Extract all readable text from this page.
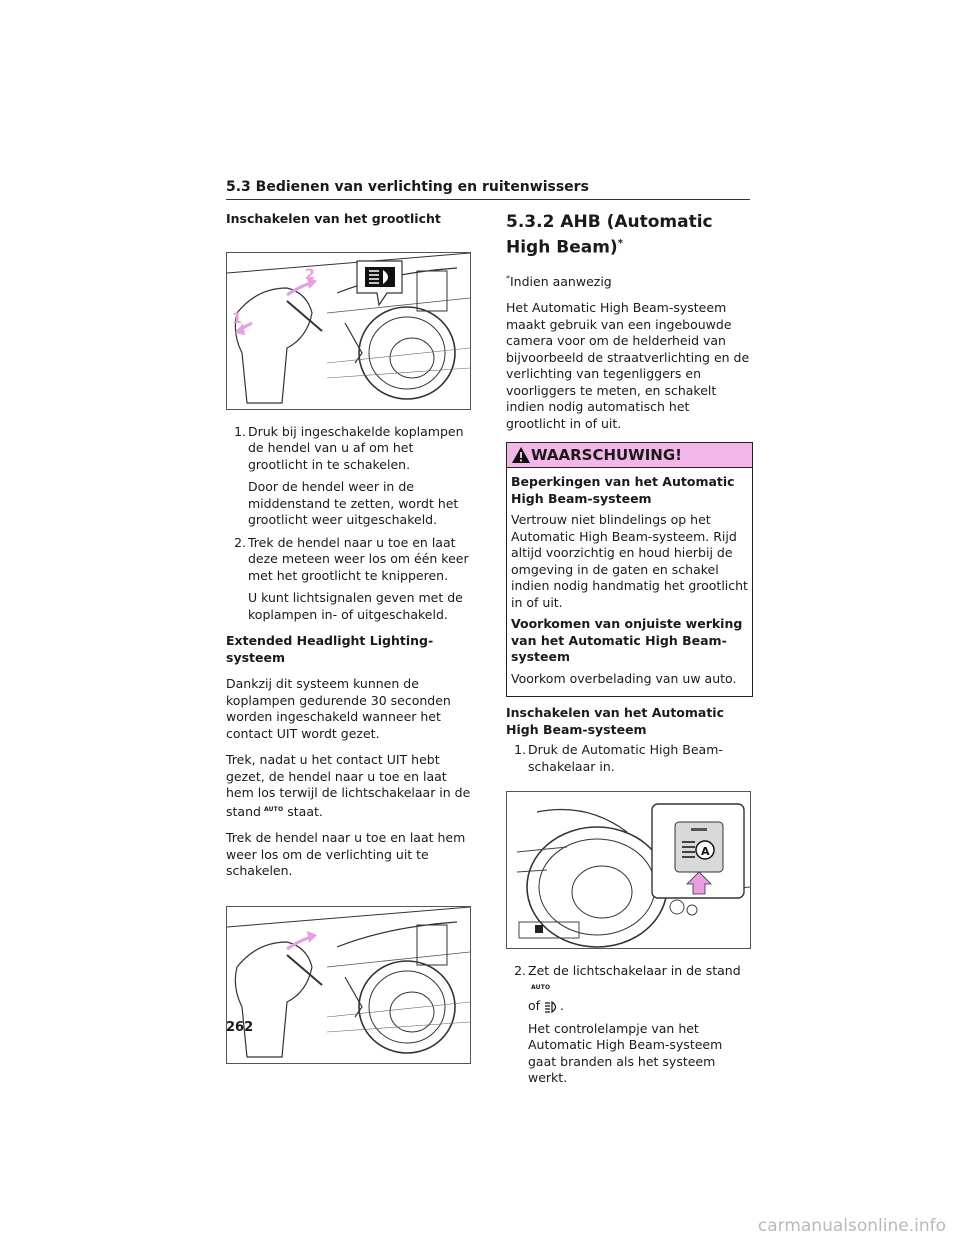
5.3 Bedienen van verlichting en ruitenwissers
Inschakelen van het grootlicht
1
2
1. Druk bij ingeschakelde koplampen de hendel van u af om het grootlicht in te schakelen.
Door de hendel weer in de middenstand te zetten, wordt het grootlicht weer uitgeschakeld.
2. Trek de hendel naar u toe en laat deze meteen weer los om één keer met het grootlicht te knipperen.
U kunt lichtsignalen geven met de koplampen in- of uitgeschakeld.

Extended Headlight Lighting-systeem

Dankzij dit systeem kunnen de koplampen gedurende 30 seconden worden ingeschakeld wanneer het contact UIT wordt gezet.

Trek, nadat u het contact UIT hebt gezet, de hendel naar u toe en laat hem los terwijl de lichtschakelaar in de stand AUTO staat.

Trek de hendel naar u toe en laat hem weer los om de verlichting uit te schakelen.

5.3.2 AHB (Automatic High Beam)*

*Indien aanwezig

Het Automatic High Beam-systeem maakt gebruik van een ingebouwde camera voor om de helderheid van bijvoorbeeld de straatverlichting en de verlichting van tegenliggers en voorliggers te meten, en schakelt indien nodig automatisch het grootlicht in of uit.

WAARSCHUWING!

Beperkingen van het Automatic High Beam-systeem

Vertrouw niet blindelings op het Automatic High Beam-systeem. Rijd altijd voorzichtig en houd hierbij de omgeving in de gaten en schakel indien nodig handmatig het grootlicht in of uit.

Voorkomen van onjuiste werking van het Automatic High Beam-systeem

Voorkom overbelading van uw auto.

Inschakelen van het Automatic High Beam-systeem

1. Druk de Automatic High Beam-schakelaar in.
A
2. Zet de lichtschakelaar in de standAUTO
of .

Het controlelampje van het Automatic High Beam-systeem gaat branden als het systeem werkt.

262
carmanualsonline.info
